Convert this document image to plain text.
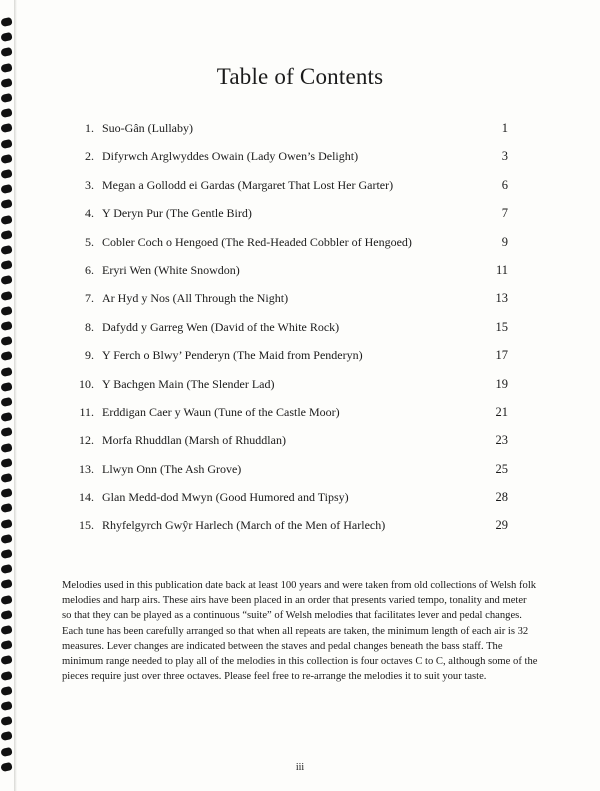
Table of Contents
1. Suo-Gân (Lullaby)	1
2. Difyrwch Arglwyddes Owain (Lady Owen’s Delight)	3
3. Megan a Gollodd ei Gardas (Margaret That Lost Her Garter)	6
4. Y Deryn Pur (The Gentle Bird)	7
5. Cobler Coch o Hengoed (The Red-Headed Cobbler of Hengoed)	9
6. Eryri Wen (White Snowdon)	11
7. Ar Hyd y Nos (All Through the Night)	13
8. Dafydd y Garreg Wen (David of the White Rock)	15
9. Y Ferch o Blwy’ Penderyn (The Maid from Penderyn)	17
10. Y Bachgen Main (The Slender Lad)	19
11. Erddigan Caer y Waun (Tune of the Castle Moor)	21
12. Morfa Rhuddlan (Marsh of Rhuddlan)	23
13. Llwyn Onn (The Ash Grove)	25
14. Glan Medd-dod Mwyn (Good Humored and Tipsy)	28
15. Rhyfelgyrch Gwŷr Harlech (March of the Men of Harlech)	29

Melodies used in this publication date back at least 100 years and were taken from old collections of Welsh folk melodies and harp airs. These airs have been placed in an order that presents varied tempo, tonality and meter so that they can be played as a continuous “suite” of Welsh melodies that facilitates lever and pedal changes. Each tune has been carefully arranged so that when all repeats are taken, the minimum length of each air is 32 measures. Lever changes are indicated between the staves and pedal changes beneath the bass staff. The minimum range needed to play all of the melodies in this collection is four octaves C to C, although some of the pieces require just over three octaves. Please feel free to re-arrange the melodies it to suit your taste.

iii
